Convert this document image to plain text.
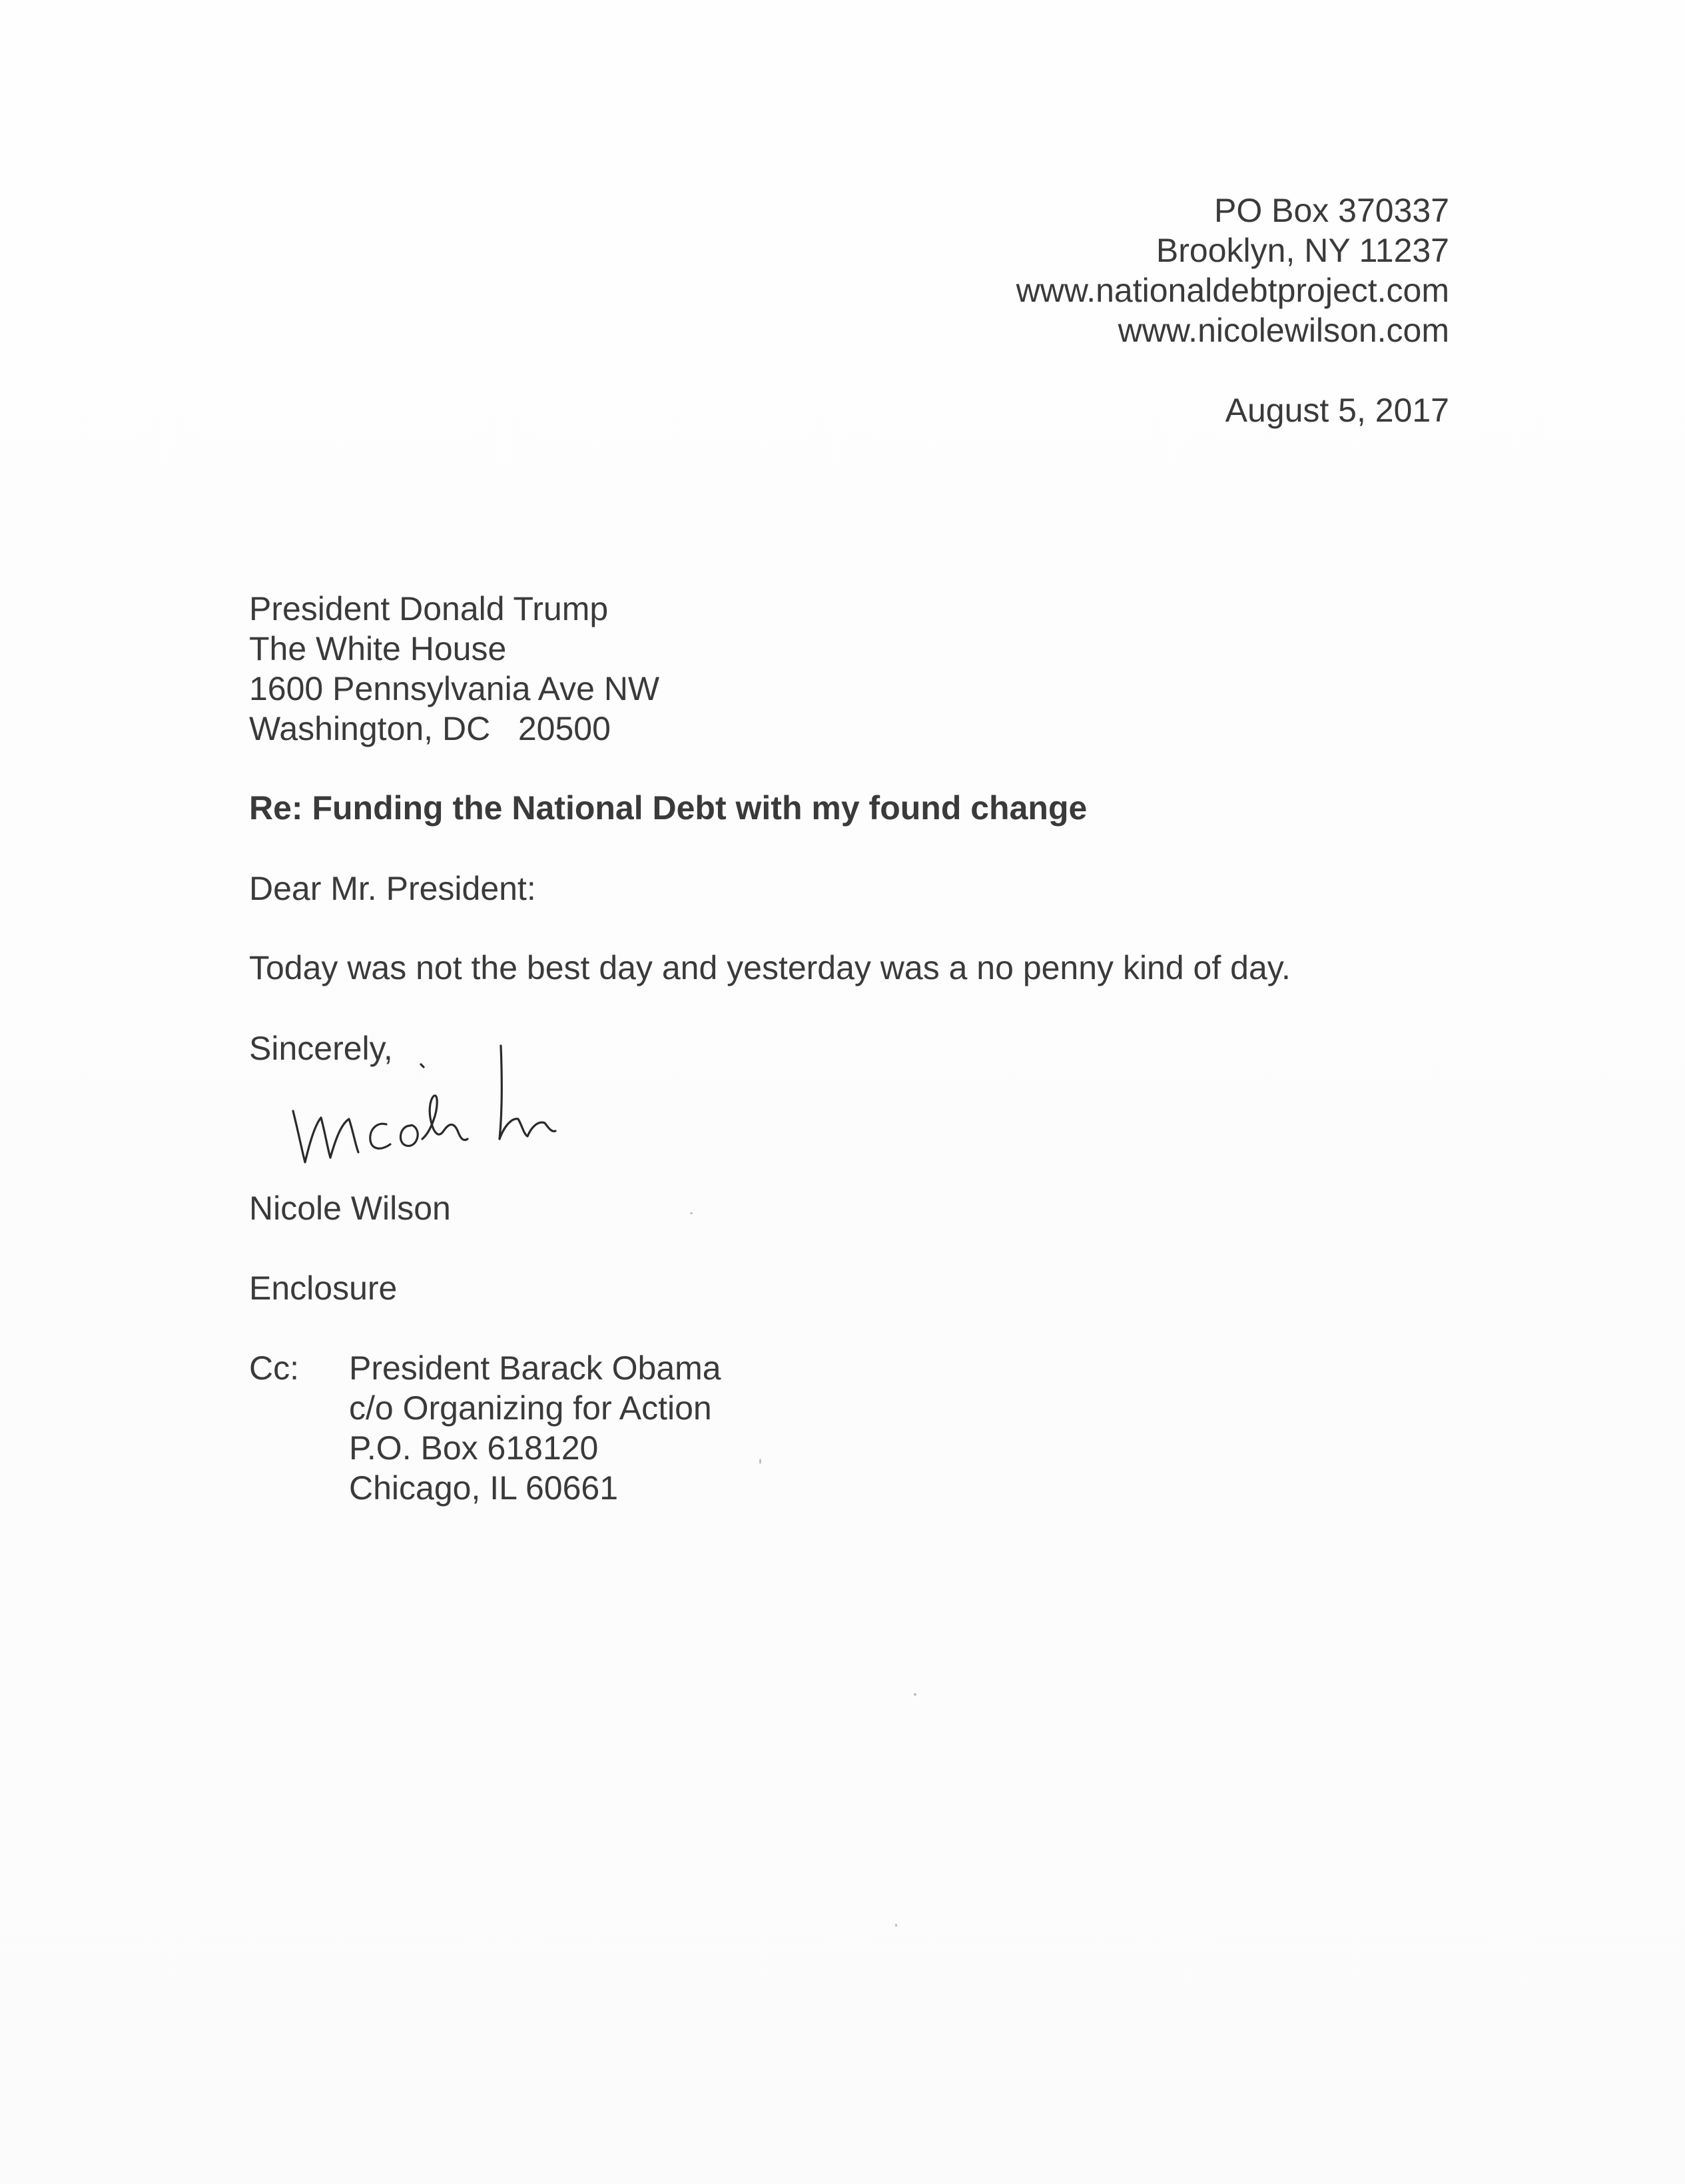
PO Box 370337
Brooklyn, NY 11237
www.nationaldebtproject.com
www.nicolewilson.com
August 5, 2017
President Donald Trump
The White House
1600 Pennsylvania Ave NW
Washington, DC   20500
Re: Funding the National Debt with my found change
Dear Mr. President:
Today was not the best day and yesterday was a no penny kind of day.
Sincerely,
Nicole Wilson
Enclosure
Cc: President Barack Obama
c/o Organizing for Action
P.O. Box 618120
Chicago, IL 60661
